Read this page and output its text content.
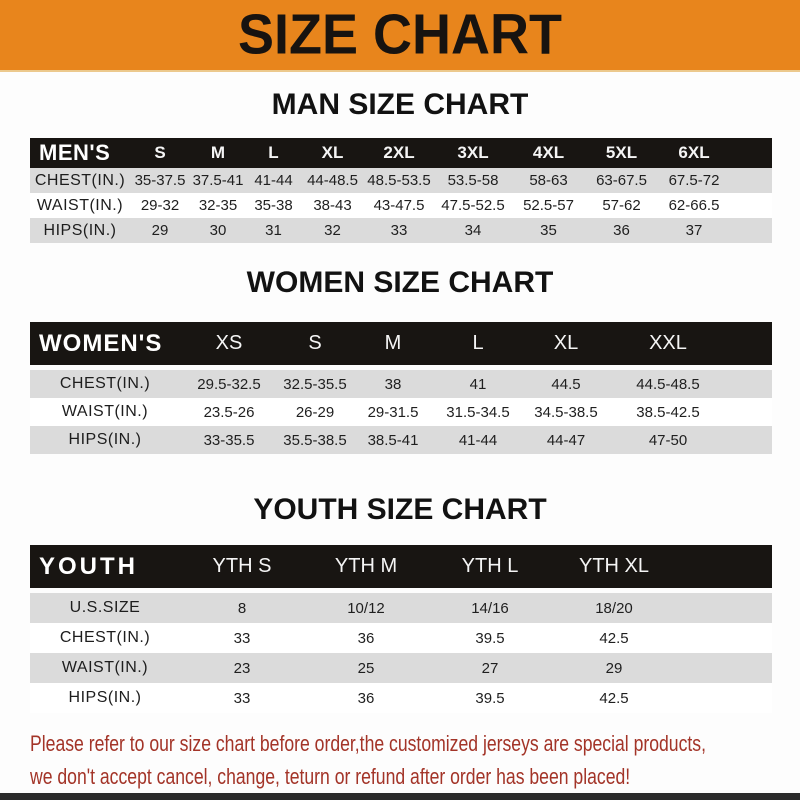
SIZE CHART
MAN SIZE CHART
MEN'S	S	M	L	XL	2XL	3XL	4XL	5XL	6XL
CHEST(IN.) 35-37.5 37.5-41 41-44 44-48.5 48.5-53.5	53.5-58	58-63	63-67.5	67.5-72
WAIST(IN.)	29-32	32-35	35-38	38-43	43-47.5	47.5-52.5	52.5-57	57-62	62-66.5
HIPS(IN.)	29	30	31	32	33	34	35	36	37
WOMEN SIZE CHART
WOMEN'S	XS	S	M	L	XL	XXL
CHEST(IN.)	29.5-32.5	32.5-35.5	38	41	44.5	44.5-48.5
WAIST(IN.)	23.5-26	26-29	29-31.5	31.5-34.5	34.5-38.5	38.5-42.5
HIPS(IN.)	33-35.5	35.5-38.5	38.5-41	41-44	44-47	47-50
YOUTH SIZE CHART
YOUTH	YTH S	YTH M	YTH L	YTH XL
U.S.SIZE	8	10/12	14/16	18/20
CHEST(IN.)	33	36	39.5	42.5
WAIST(IN.)	23	25	27	29
HIPS(IN.)	33	36	39.5	42.5
Please refer to our size chart before order,the customized jerseys are special products,
we don't accept cancel, change, teturn or refund after order has been placed!
